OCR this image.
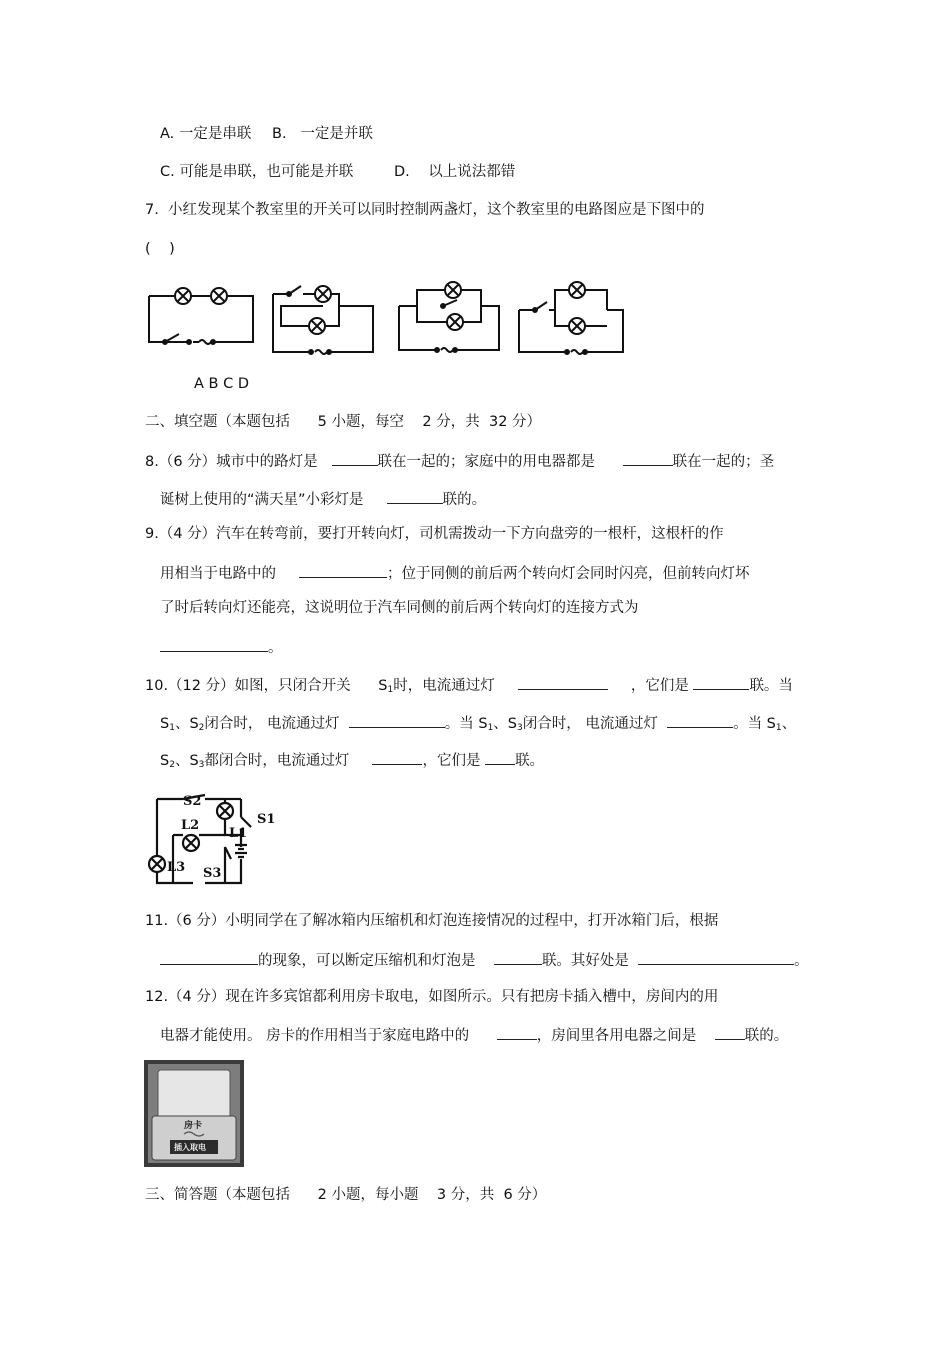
A. 一定是串联 B.   一定是并联
C. 可能是串联，也可能是并联	D.    以上说法都错
7.  小红发现某个教室里的开关可以同时控制两盏灯，这个教室里的电路图应是下图中的
(    )
A B C D
二、填空题（本题包括      5 小题，每空    2 分，共  32 分）
8.（6 分）城市中的路灯是	联在一起的；家庭中的用电器都是	联在一起的；圣
诞树上使用的“满天星”小彩灯是	联的。
9.（4 分）汽车在转弯前，要打开转向灯，司机需拨动一下方向盘旁的一根杆，这根杆的作
用相当于电路中的	；位于同侧的前后两个转向灯会同时闪亮，但前转向灯坏
了时后转向灯还能亮，这说明位于汽车同侧的前后两个转向灯的连接方式为
。
10.（12 分）如图，只闭合开关 $S_1$时，电流通过灯	，它们是	联。当
$S_1$、$S_2$闭合时， 电流通过灯	。当 $S_1$、$S_3$闭合时， 电流通过灯	。当 $S_1$、
$S_2$、$S_3$都闭合时，电流通过灯	，它们是 联。
S2
S1
L1
L2
L3 S3
11.（6 分）小明同学在了解冰箱内压缩机和灯泡连接情况的过程中，打开冰箱门后，根据
的现象，可以断定压缩机和灯泡是	联。其好处是	。
12.（4 分）现在许多宾馆都利用房卡取电，如图所示。只有把房卡插入槽中，房间内的用
电器才能使用。 房卡的作用相当于家庭电路中的	，房间里各用电器之间是	联的。
房卡
插入取电
三、简答题（本题包括      2 小题，每小题    3 分，共  6 分）
